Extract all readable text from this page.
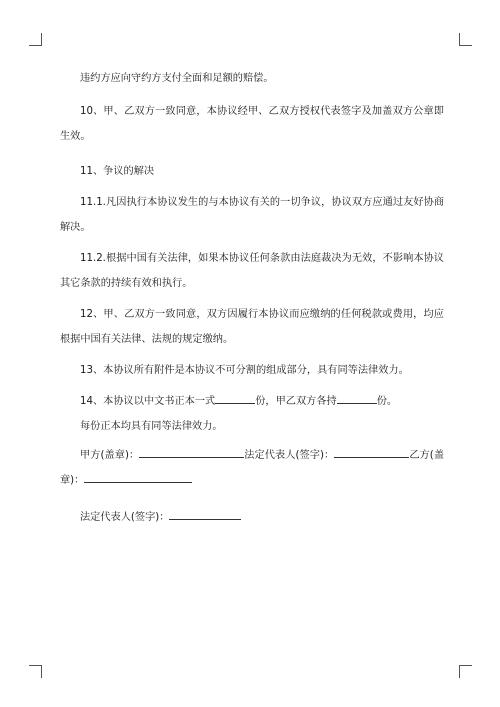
违约方应向守约方支付全面和足额的赔偿。

10、甲、乙双方一致同意，本协议经甲、乙双方授权代表签字及加盖双方公章即生效。

11、争议的解决

11.1.凡因执行本协议发生的与本协议有关的一切争议，协议双方应通过友好协商解决。

11.2.根据中国有关法律，如果本协议任何条款由法庭裁决为无效，不影响本协议其它条款的持续有效和执行。

12、甲、乙双方一致同意，双方因履行本协议而应缴纳的任何税款或费用，均应根据中国有关法律、法规的规定缴纳。

13、本协议所有附件是本协议不可分割的组成部分，具有同等法律效力。

14、本协议以中文书正本一式	份，甲乙双方各持	份。

每份正本均具有同等法律效力。

甲方(盖章)：	法定代表人(签字)：	乙方(盖章)：

法定代表人(签字)：
